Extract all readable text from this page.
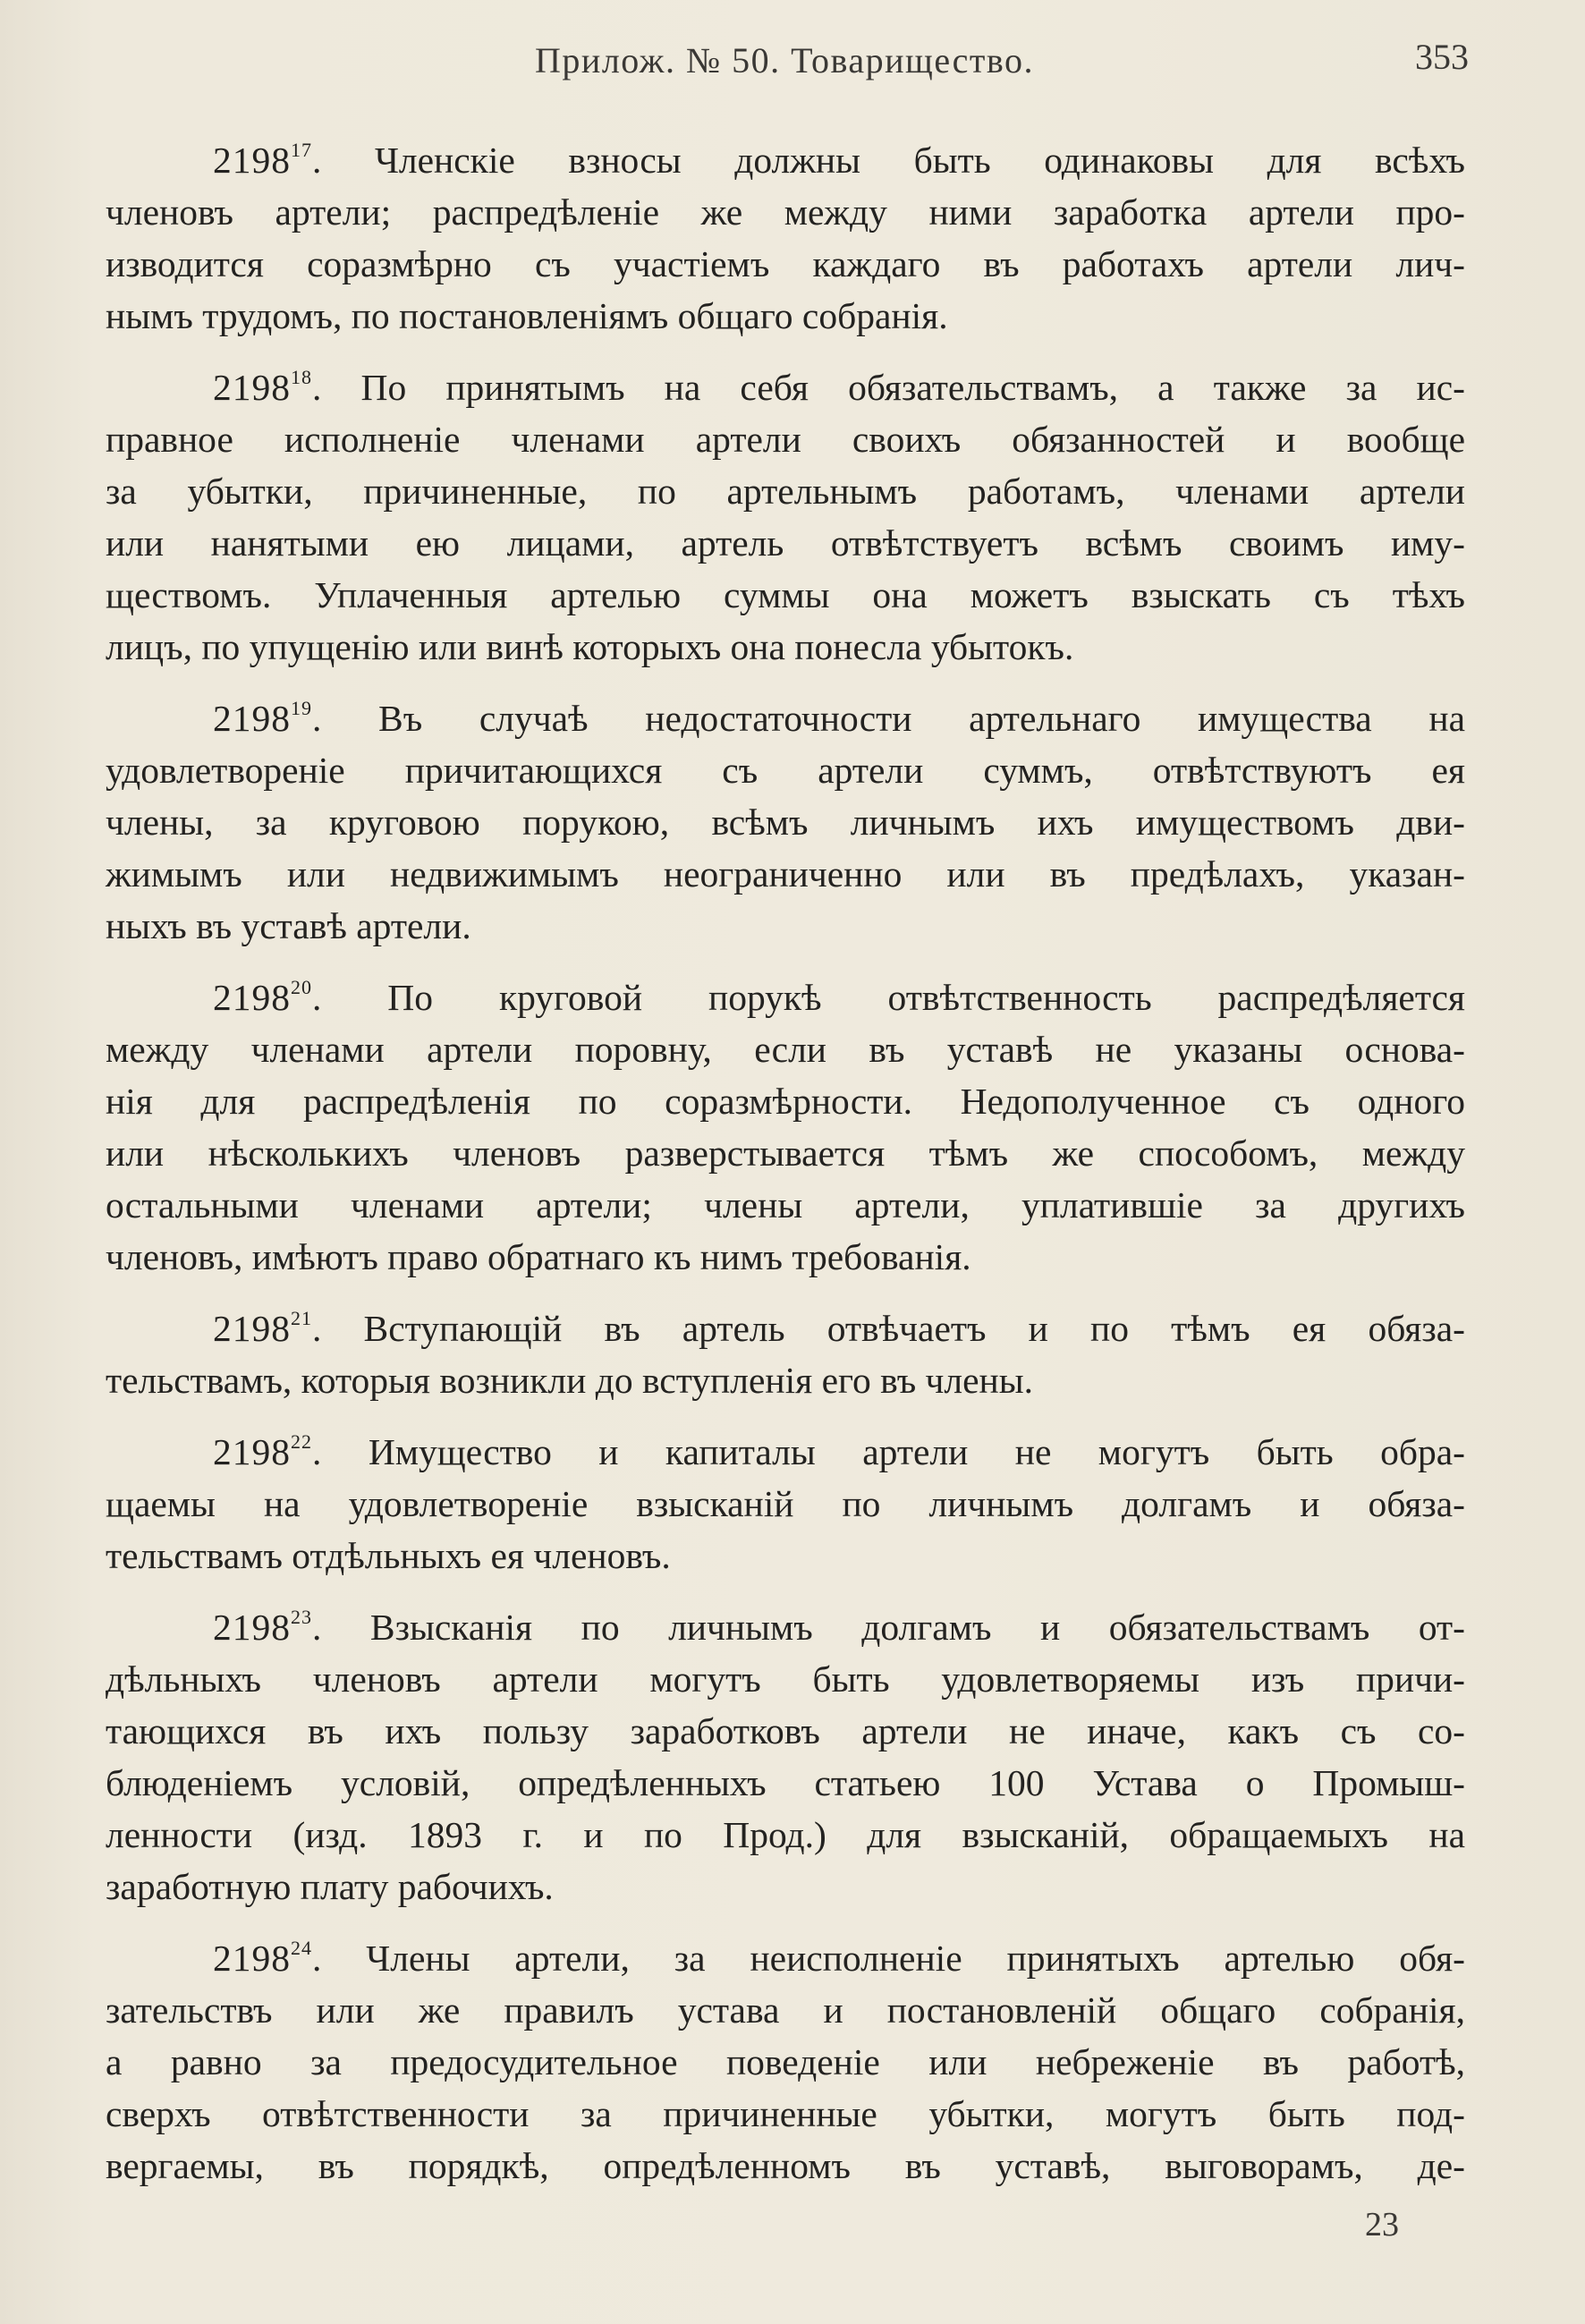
Прилож. № 50. Товарищество.	353
2198$^{17}$. Членскіе взносы должны быть одинаковы для всѣхъ
членовъ артели; распредѣленіе же между ними заработка артели про-
изводится соразмѣрно съ участіемъ каждаго въ работахъ артели лич-
нымъ трудомъ, по постановленіямъ общаго собранія.
2198$^{18}$. По принятымъ на себя обязательствамъ, а также за ис-
правное исполненіе членами артели своихъ обязанностей и вообще
за убытки, причиненные, по артельнымъ работамъ, членами артели
или нанятыми ею лицами, артель отвѣтствуетъ всѣмъ своимъ иму-
ществомъ. Уплаченныя артелью суммы она можетъ взыскать съ тѣхъ
лицъ, по упущенію или винѣ которыхъ она понесла убытокъ.
2198$^{19}$. Въ случаѣ недостаточности артельнаго имущества на
удовлетвореніе причитающихся съ артели суммъ, отвѣтствуютъ ея
члены, за круговою порукою, всѣмъ личнымъ ихъ имуществомъ дви-
жимымъ или недвижимымъ неограниченно или въ предѣлахъ, указан-
ныхъ въ уставѣ артели.
2198$^{20}$. По круговой порукѣ отвѣтственность распредѣляется
между членами артели поровну, если въ уставѣ не указаны основа-
нія для распредѣленія по соразмѣрности. Недополученное съ одного
или нѣсколькихъ членовъ разверстывается тѣмъ же способомъ, между
остальными членами артели; члены артели, уплатившіе за другихъ
членовъ, имѣютъ право обратнаго къ нимъ требованія.
2198$^{21}$. Вступающій въ артель отвѣчаетъ и по тѣмъ ея обяза-
тельствамъ, которыя возникли до вступленія его въ члены.
2198$^{22}$. Имущество и капиталы артели не могутъ быть обра-
щаемы на удовлетвореніе взысканій по личнымъ долгамъ и обяза-
тельствамъ отдѣльныхъ ея членовъ.
2198$^{23}$. Взысканія по личнымъ долгамъ и обязательствамъ от-
дѣльныхъ членовъ артели могутъ быть удовлетворяемы изъ причи-
тающихся въ ихъ пользу заработковъ артели не иначе, какъ съ со-
блюденіемъ условій, опредѣленныхъ статьею 100 Устава о Промыш-
ленности (изд. 1893 г. и по Прод.) для взысканій, обращаемыхъ на
заработную плату рабочихъ.
2198$^{24}$. Члены артели, за неисполненіе принятыхъ артелью обя-
зательствъ или же правилъ устава и постановленій общаго собранія,
а равно за предосудительное поведеніе или небреженіе въ работѣ,
сверхъ отвѣтственности за причиненные убытки, могутъ быть под-
вергаемы, въ порядкѣ, опредѣленномъ въ уставѣ, выговорамъ, де-
23
